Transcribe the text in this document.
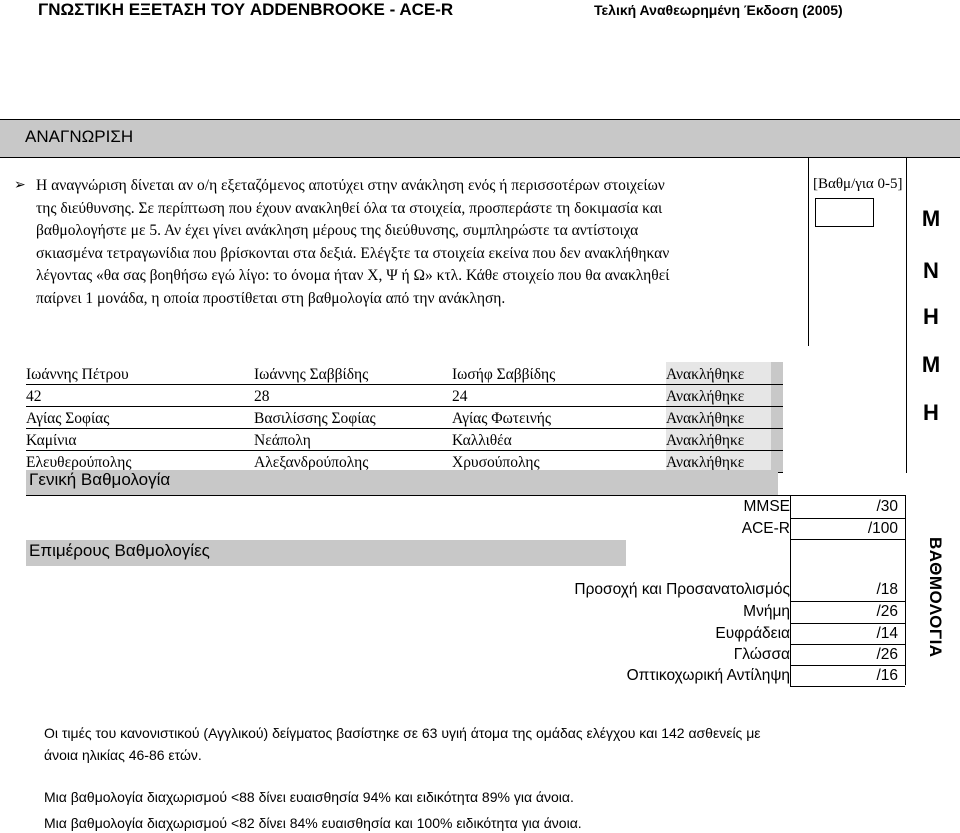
ΓΝΩΣΤΙΚΗ ΕΞΕΤΑΣΗ ΤΟΥ ADDENBROOKE - ACE-R	Τελική Αναθεωρημένη Έκδοση (2005)
ΑΝΑΓΝΩΡΙΣΗ
➢ Η αναγνώριση δίνεται αν ο/η εξεταζόμενος αποτύχει στην ανάκληση ενός ή περισσοτέρων στοιχείων
της διεύθυνσης. Σε περίπτωση που έχουν ανακληθεί όλα τα στοιχεία, προσπεράστε τη δοκιμασία και
βαθμολογήστε με 5. Αν έχει γίνει ανάκληση μέρους της διεύθυνσης, συμπληρώστε τα αντίστοιχα
σκιασμένα τετραγωνίδια που βρίσκονται στα δεξιά. Ελέγξτε τα στοιχεία εκείνα που δεν ανακλήθηκαν
λέγοντας «θα σας βοηθήσω εγώ λίγο: το όνομα ήταν Χ, Ψ ή Ω» κτλ. Κάθε στοιχείο που θα ανακληθεί
παίρνει 1 μονάδα, η οποία προστίθεται στη βαθμολογία από την ανάκληση.
[Βαθμ/για 0-5]
Μ
Ν
Η
Μ
Η
Ιωάννης Πέτρου	Ιωάννης Σαββίδης	Ιωσήφ Σαββίδης	Ανακλήθηκε	
42	28	24	Ανακλήθηκε	
Αγίας Σοφίας	Βασιλίσσης Σοφίας	Αγίας Φωτεινής	Ανακλήθηκε	
Καμίνια	Νεάπολη	Καλλιθέα	Ανακλήθηκε	
Ελευθερούπολης	Αλεξανδρούπολης	Χρυσούπολης	Ανακλήθηκε	
Γενική Βαθμολογία
MMSE	/30
ACE-R	/100
Επιμέρους Βαθμολογίες
Προσοχή και Προσανατολισμός	/18
Μνήμη	/26
Ευφράδεια	/14
Γλώσσα	/26
Οπτικοχωρική Αντίληψη	/16
ΒΑΘΜΟΛΟΓΙΑ
Οι τιμές του κανονιστικού (Αγγλικού) δείγματος βασίστηκε σε 63 υγιή άτομα της ομάδας ελέγχου και 142 ασθενείς με
άνοια ηλικίας 46-86 ετών.
Μια βαθμολογία διαχωρισμού <88 δίνει ευαισθησία 94% και ειδικότητα 89% για άνοια.
Μια βαθμολογία διαχωρισμού <82 δίνει 84% ευαισθησία και 100% ειδικότητα για άνοια.
